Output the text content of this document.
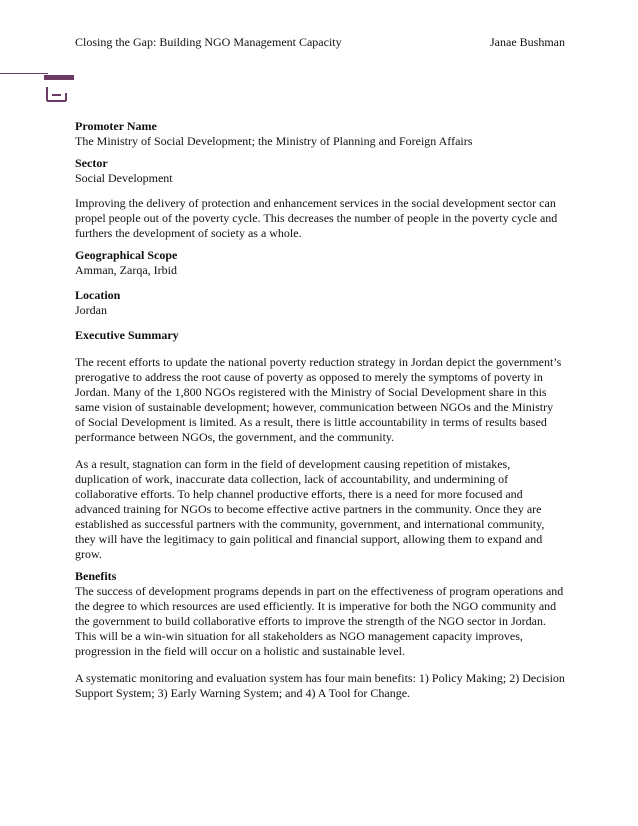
Closing the Gap: Building NGO Management Capacity	Janae Bushman
Promoter Name
The Ministry of Social Development; the Ministry of Planning and Foreign Affairs
Sector
Social Development
Improving the delivery of protection and enhancement services in the social development sector can propel people out of the poverty cycle. This decreases the number of people in the poverty cycle and furthers the development of society as a whole.
Geographical Scope
Amman, Zarqa, Irbid
Location
Jordan
Executive Summary
The recent efforts to update the national poverty reduction strategy in Jordan depict the government’s prerogative to address the root cause of poverty as opposed to merely the symptoms of poverty in Jordan. Many of the 1,800 NGOs registered with the Ministry of Social Development share in this same vision of sustainable development; however, communication between NGOs and the Ministry of Social Development is limited. As a result, there is little accountability in terms of results based performance between NGOs, the government, and the community.
As a result, stagnation can form in the field of development causing repetition of mistakes, duplication of work, inaccurate data collection, lack of accountability, and undermining of collaborative efforts. To help channel productive efforts, there is a need for more focused and advanced training for NGOs to become effective active partners in the community. Once they are established as successful partners with the community, government, and international community, they will have the legitimacy to gain political and financial support, allowing them to expand and grow.
Benefits
The success of development programs depends in part on the effectiveness of program operations and the degree to which resources are used efficiently. It is imperative for both the NGO community and the government to build collaborative efforts to improve the strength of the NGO sector in Jordan. This will be a win-win situation for all stakeholders as NGO management capacity improves, progression in the field will occur on a holistic and sustainable level.
A systematic monitoring and evaluation system has four main benefits: 1) Policy Making; 2) Decision Support System; 3) Early Warning System; and 4) A Tool for Change.
